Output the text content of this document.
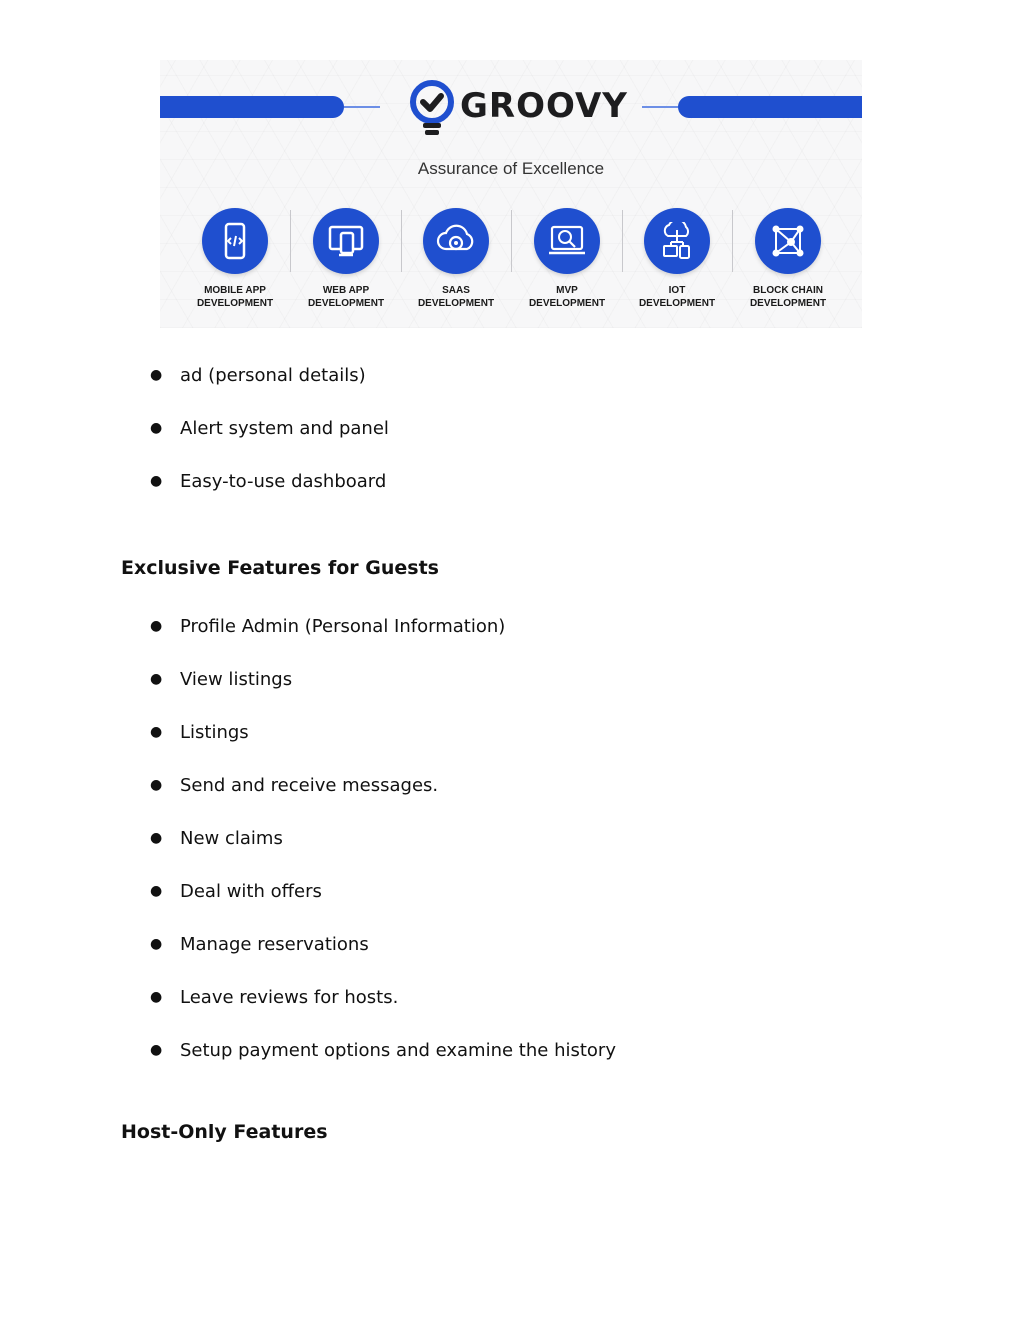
GROOVY
Assurance of Excellence
MOBILE APP
DEVELOPMENT
WEB APP
DEVELOPMENT
SAAS
DEVELOPMENT
MVP
DEVELOPMENT
IOT
DEVELOPMENT
BLOCK CHAIN
DEVELOPMENT
● ad (personal details)
● Alert system and panel
● Easy-to-use dashboard
Exclusive Features for Guests
● Profile Admin (Personal Information)
● View listings
● Listings
● Send and receive messages.
● New claims
● Deal with offers
● Manage reservations
● Leave reviews for hosts.
● Setup payment options and examine the history
Host-Only Features
